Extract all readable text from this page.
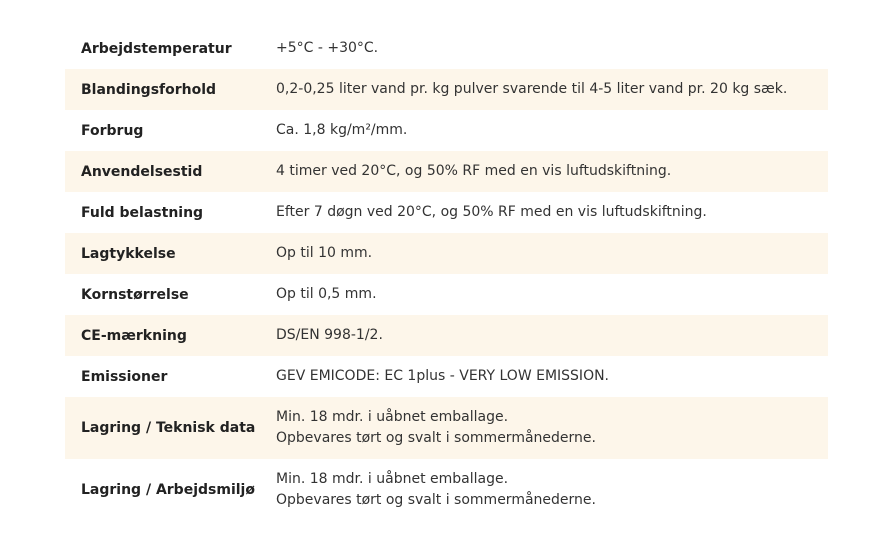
Arbejdstemperatur	+5°C - +30°C.

Blandingsforhold	0,2-0,25 liter vand pr. kg pulver svarende til 4-5 liter vand pr. 20 kg sæk.

Forbrug	Ca. 1,8 kg/m²/mm.

Anvendelsestid	4 timer ved 20°C, og 50% RF med en vis luftudskiftning.

Fuld belastning	Efter 7 døgn ved 20°C, og 50% RF med en vis luftudskiftning.

Lagtykkelse	Op til 10 mm.

Kornstørrelse	Op til 0,5 mm.

CE-mærkning	DS/EN 998-1/2.

Emissioner	GEV EMICODE: EC 1plus - VERY LOW EMISSION.

Lagring / Teknisk data	Min. 18 mdr. i uåbnet emballage.
Opbevares tørt og svalt i sommermånederne.

Lagring / Arbejdsmiljø	Min. 18 mdr. i uåbnet emballage.
Opbevares tørt og svalt i sommermånederne.
